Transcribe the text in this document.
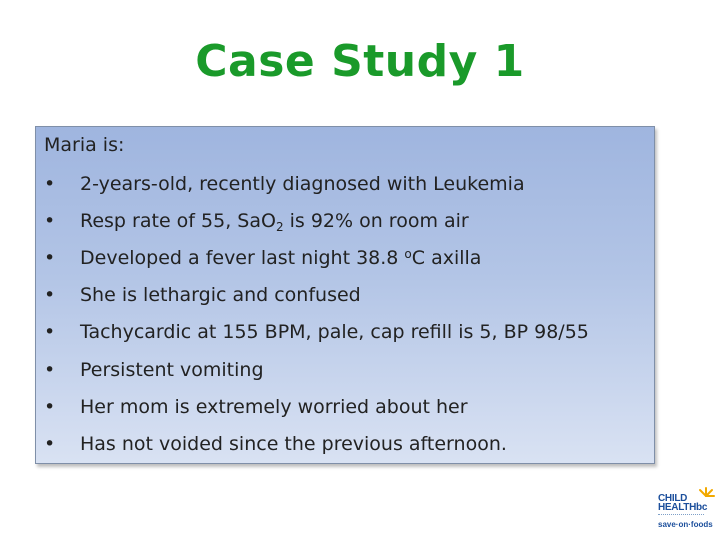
Case Study 1
Maria is:
• 2-years-old, recently diagnosed with Leukemia
• Resp rate of 55, SaO$_2$ is 92% on room air
• Developed a fever last night 38.8 $^o$C axilla
• She is lethargic and confused
• Tachycardic at 155 BPM, pale, cap refill is 5, BP 98/55
• Persistent vomiting
• Her mom is extremely worried about her
• Has not voided since the previous afternoon.
CHILD
HEALTHbc
save·on·foods
